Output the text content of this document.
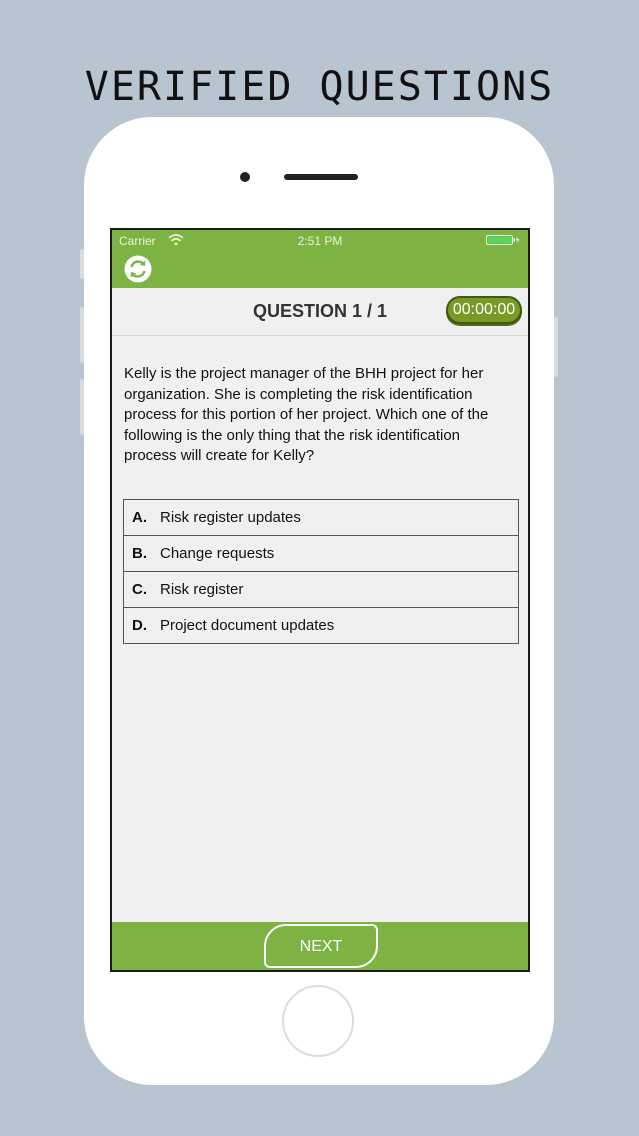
VERIFIED QUESTIONS
Carrier	2:51 PM
QUESTION 1 / 1	00:00:00
Kelly is the project manager of the BHH project for her organization. She is completing the risk identification process for this portion of her project. Which one of the following is the only thing that the risk identification process will create for Kelly?
A. Risk register updates
B. Change requests
C. Risk register
D. Project document updates
NEXT
